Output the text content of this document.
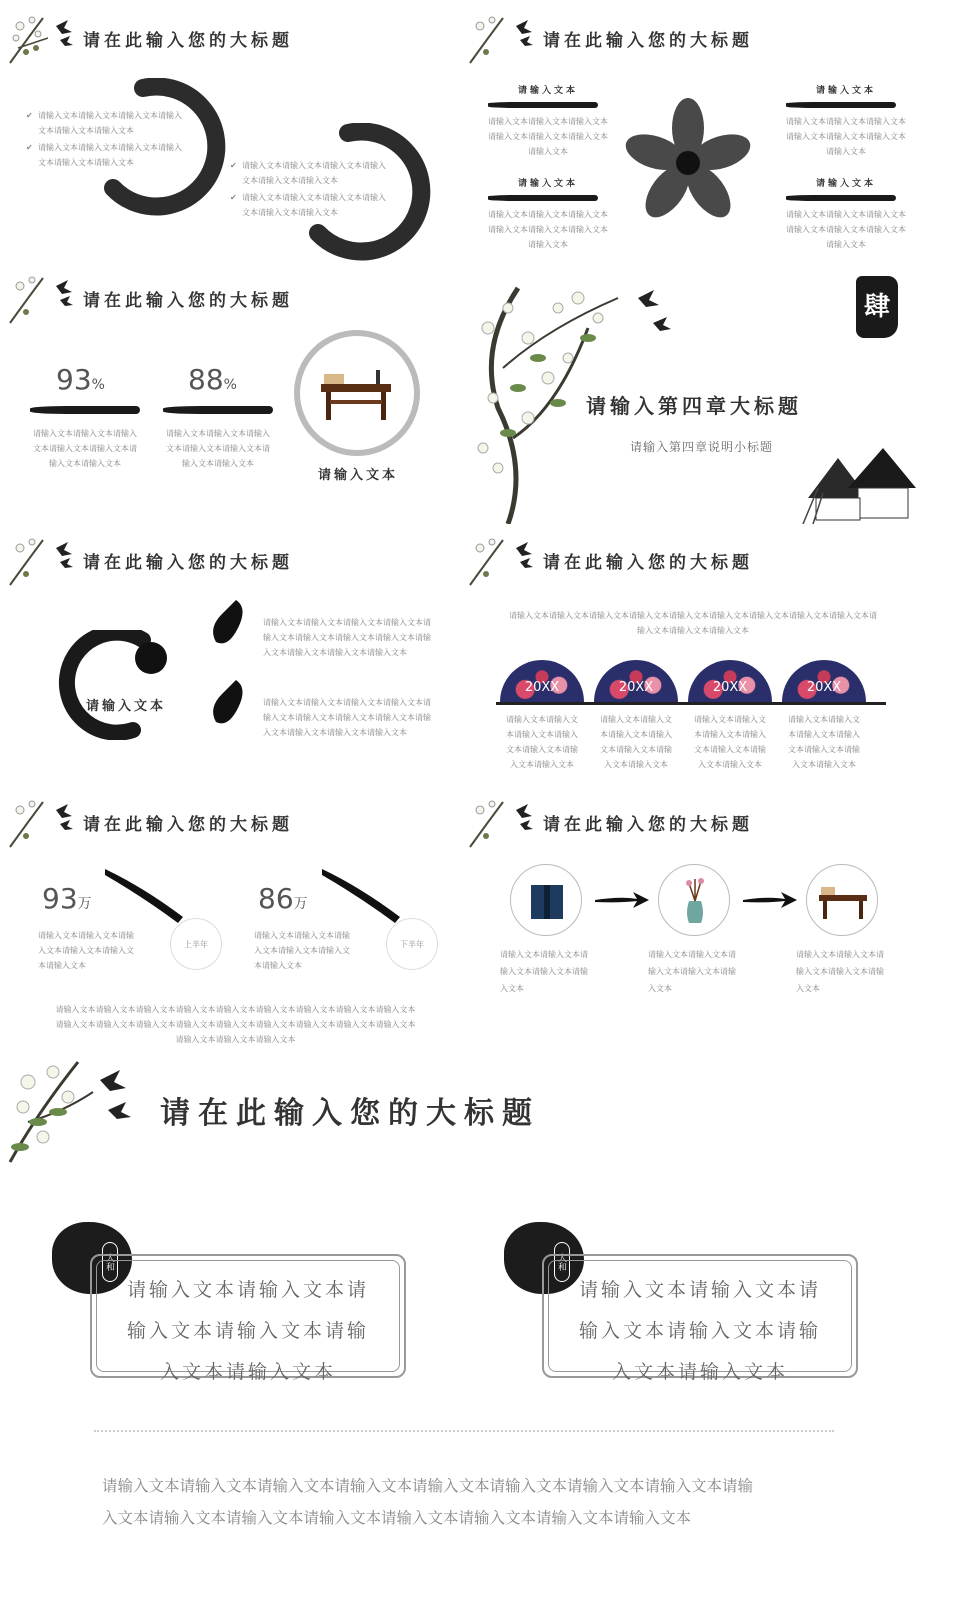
请在此输入您的大标题
✔ 请输入文本请输入文本请输入文本请输入文本请输入文本请输入文本
✔ 请输入文本请输入文本请输入文本请输入文本请输入文本请输入文本	✔ 请输入文本请输入文本请输入文本请输入文本请输入文本请输入文本
✔ 请输入文本请输入文本请输入文本请输入文本请输入文本请输入文本
请在此输入您的大标题
请输入文本
请输入文本请输入文本请输入文本请输入文本请输入文本请输入文本请输入文本
请输入文本
请输入文本请输入文本请输入文本请输入文本请输入文本请输入文本请输入文本
请输入文本
请输入文本请输入文本请输入文本请输入文本请输入文本请输入文本请输入文本
请输入文本
请输入文本请输入文本请输入文本请输入文本请输入文本请输入文本请输入文本
请在此输入您的大标题
93%
请输入文本请输入文本请输入文本请输入文本请输入文本请输入文本请输入文本
88%
请输入文本请输入文本请输入文本请输入文本请输入文本请输入文本请输入文本
请输入文本
肆
请输入第四章大标题
请输入第四章说明小标题
请在此输入您的大标题
请输入文本
请输入文本请输入文本请输入文本请输入文本请输入文本请输入文本请输入文本请输入文本请输入文本请输入文本请输入文本请输入文本
请输入文本请输入文本请输入文本请输入文本请输入文本请输入文本请输入文本请输入文本请输入文本请输入文本请输入文本请输入文本
请在此输入您的大标题
请输入文本请输入文本请输入文本请输入文本请输入文本请输入文本请输入文本请输入文本请输入文本请输入文本请输入文本请输入文本
20XX	20XX	20XX	20XX
请输入文本请输入文本请输入文本请输入文本请输入文本请输入文本请输入文本
请输入文本请输入文本请输入文本请输入文本请输入文本请输入文本请输入文本
请输入文本请输入文本请输入文本请输入文本请输入文本请输入文本请输入文本
请输入文本请输入文本请输入文本请输入文本请输入文本请输入文本请输入文本
请在此输入您的大标题
93万	86万
请输入文本请输入文本请输入文本请输入文本请输入文本请输入文本
请输入文本请输入文本请输入文本请输入文本请输入文本请输入文本
上半年	下半年
请输入文本请输入文本请输入文本请输入文本请输入文本请输入文本请输入文本请输入文本请输入文本请输入文本请输入文本请输入文本请输入文本请输入文本请输入文本请输入文本请输入文本请输入文本请输入文本请输入文本请输入文本
请在此输入您的大标题
请输入文本请输入文本请输入文本请输入文本请输入文本
请输入文本请输入文本请输入文本请输入文本请输入文本
请输入文本请输入文本请输入文本请输入文本请输入文本
请在此输入您的大标题
人和
请输入文本请输入文本请
输入文本请输入文本请输
入文本请输入文本
人和
请输入文本请输入文本请
输入文本请输入文本请输
入文本请输入文本
请输入文本请输入文本请输入文本请输入文本请输入文本请输入文本请输入文本请输入文本请输
入文本请输入文本请输入文本请输入文本请输入文本请输入文本请输入文本请输入文本
